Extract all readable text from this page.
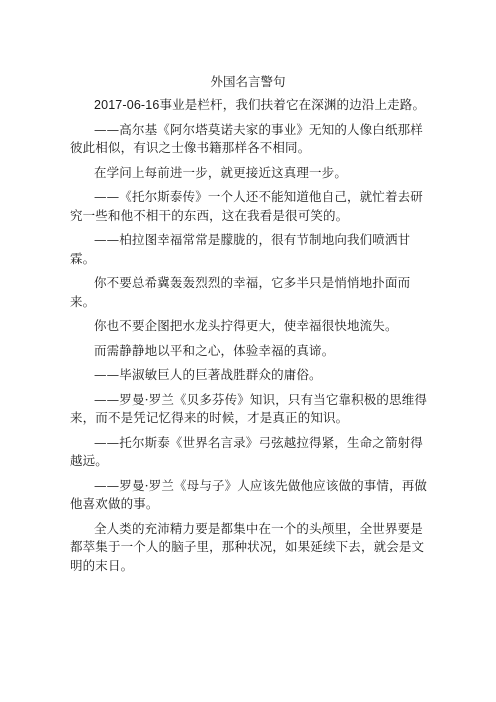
外国名言警句

2017-06-16事业是栏杆，我们扶着它在深渊的边沿上走路。

——高尔基《阿尔塔莫诺夫家的事业》无知的人像白纸那样彼此相似，有识之士像书籍那样各不相同。

在学问上每前进一步，就更接近这真理一步。

——《托尔斯泰传》一个人还不能知道他自己，就忙着去研究一些和他不相干的东西，这在我看是很可笑的。

——柏拉图幸福常常是朦胧的，很有节制地向我们喷洒甘霖。

你不要总希冀轰轰烈烈的幸福，它多半只是悄悄地扑面而来。

你也不要企图把水龙头拧得更大，使幸福很快地流失。

而需静静地以平和之心，体验幸福的真谛。

——毕淑敏巨人的巨著战胜群众的庸俗。

——罗曼·罗兰《贝多芬传》知识，只有当它靠积极的思维得来，而不是凭记忆得来的时候，才是真正的知识。

——托尔斯泰《世界名言录》弓弦越拉得紧，生命之箭射得越远。

——罗曼·罗兰《母与子》人应该先做他应该做的事情，再做他喜欢做的事。

全人类的充沛精力要是都集中在一个的头颅里，全世界要是都萃集于一个人的脑子里，那种状况，如果延续下去，就会是文明的末日。
